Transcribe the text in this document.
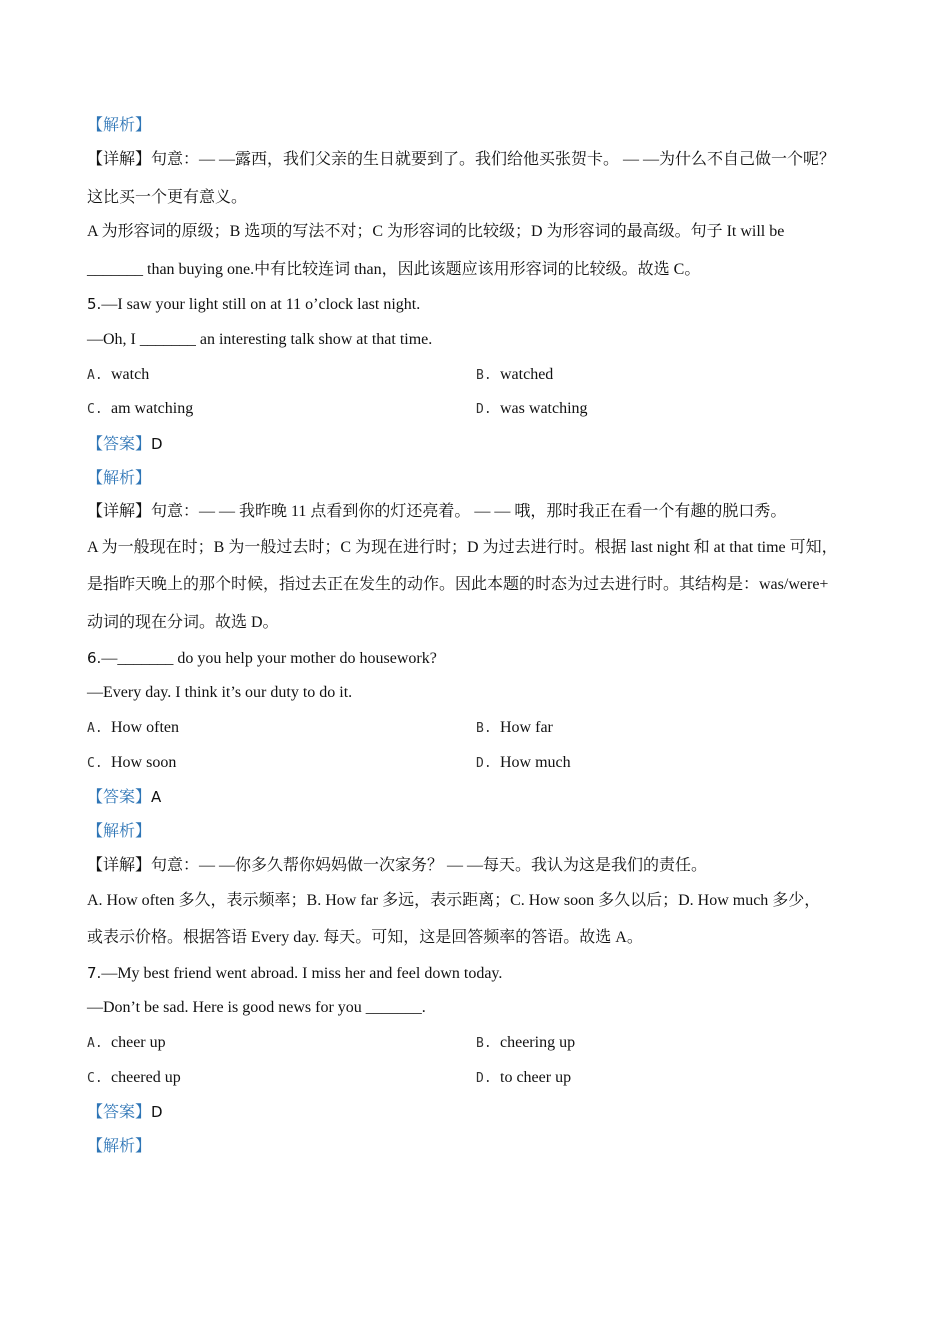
【解析】
【详解】句意：— —露西，我们父亲的生日就要到了。我们给他买张贺卡。 — —为什么不自己做一个呢？
这比买一个更有意义。
A 为形容词的原级；B 选项的写法不对；C 为形容词的比较级；D 为形容词的最高级。句子 It will be
_______ than buying one.中有比较连词 than，因此该题应该用形容词的比较级。故选 C。
5.—I saw your light still on at 11 o’clock last night.
—Oh, I _______ an interesting talk show at that time.
A. watch	B. watched
C. am watching	D. was watching
【答案】D
【解析】
【详解】句意：— — 我昨晚 11 点看到你的灯还亮着。 — — 哦，那时我正在看一个有趣的脱口秀。
A 为一般现在时；B 为一般过去时；C 为现在进行时；D 为过去进行时。根据 last night 和 at that time 可知，
是指昨天晚上的那个时候，指过去正在发生的动作。因此本题的时态为过去进行时。其结构是：was/were+
动词的现在分词。故选 D。
6.—_______ do you help your mother do housework?
—Every day. I think it’s our duty to do it.
A. How often	B. How far
C. How soon	D. How much
【答案】A
【解析】
【详解】句意：— —你多久帮你妈妈做一次家务？ — —每天。我认为这是我们的责任。
A. How often 多久，表示频率；B. How far 多远，表示距离；C. How soon 多久以后；D. How much 多少，
或表示价格。根据答语 Every day. 每天。可知，这是回答频率的答语。故选 A。
7.—My best friend went abroad. I miss her and feel down today.
—Don’t be sad. Here is good news for you _______.
A. cheer up	B. cheering up
C. cheered up	D. to cheer up
【答案】D
【解析】
